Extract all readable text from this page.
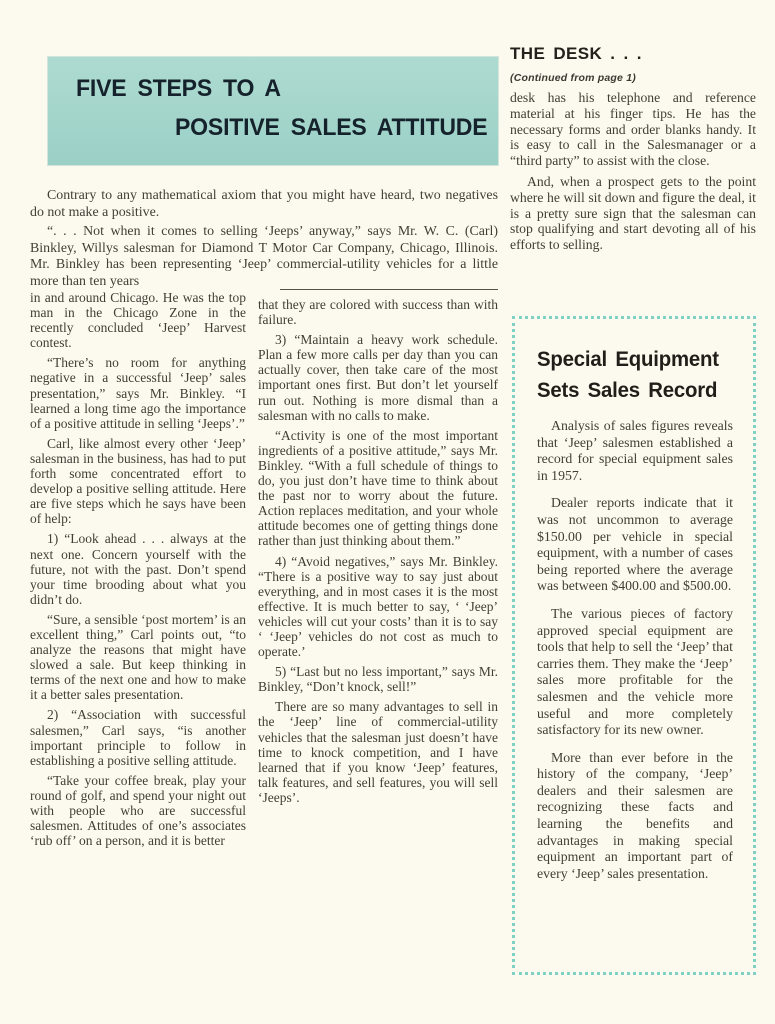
FIVE STEPS TO A
POSITIVE SALES ATTITUDE
THE DESK . . .
(Continued from page 1)

desk has his telephone and reference material at his finger tips. He has the necessary forms and order blanks handy. It is easy to call in the Salesmanager or a “third party” to assist with the close.

And, when a prospect gets to the point where he will sit down and figure the deal, it is a pretty sure sign that the salesman can stop qualifying and start devoting all of his efforts to selling.

Contrary to any mathematical axiom that you might have heard, two negatives do not make a positive.

“. . . Not when it comes to selling ‘Jeeps’ anyway,” says Mr. W. C. (Carl) Binkley, Willys salesman for Diamond T Motor Car Company, Chicago, Illinois. Mr. Binkley has been representing ‘Jeep’ commercial-utility vehicles for a little more than ten years

in and around Chicago. He was the top man in the Chicago Zone in the recently concluded ‘Jeep’ Harvest contest.

“There’s no room for anything negative in a successful ‘Jeep’ sales presentation,” says Mr. Binkley. “I learned a long time ago the importance of a positive attitude in selling ‘Jeeps’.”

Carl, like almost every other ‘Jeep’ salesman in the business, has had to put forth some concentrated effort to develop a positive selling attitude. Here are five steps which he says have been of help:

1) “Look ahead . . . always at the next one. Concern yourself with the future, not with the past. Don’t spend your time brooding about what you didn’t do.

“Sure, a sensible ‘post mortem’ is an excellent thing,” Carl points out, “to analyze the reasons that might have slowed a sale. But keep thinking in terms of the next one and how to make it a better sales presentation.

2) “Association with successful salesmen,” Carl says, “is another important principle to follow in establishing a positive selling attitude.

“Take your coffee break, play your round of golf, and spend your night out with people who are successful salesmen. Attitudes of one’s associates ‘rub off’ on a person, and it is better

that they are colored with success than with failure.

3) “Maintain a heavy work schedule. Plan a few more calls per day than you can actually cover, then take care of the most important ones first. But don’t let yourself run out. Nothing is more dismal than a salesman with no calls to make.

“Activity is one of the most important ingredients of a positive attitude,” says Mr. Binkley. “With a full schedule of things to do, you just don’t have time to think about the past nor to worry about the future. Action replaces meditation, and your whole attitude becomes one of getting things done rather than just thinking about them.”

4) “Avoid negatives,” says Mr. Binkley. “There is a positive way to say just about everything, and in most cases it is the most effective. It is much better to say, ‘ ‘Jeep’ vehicles will cut your costs’ than it is to say ‘ ‘Jeep’ vehicles do not cost as much to operate.’

5) “Last but no less important,” says Mr. Binkley, “Don’t knock, sell!”

There are so many advantages to sell in the ‘Jeep’ line of commercial-utility vehicles that the salesman just doesn’t have time to knock competition, and I have learned that if you know ‘Jeep’ features, talk features, and sell features, you will sell ‘Jeeps’.

Special Equipment
Sets Sales Record

Analysis of sales figures reveals that ‘Jeep’ salesmen established a record for special equipment sales in 1957.

Dealer reports indicate that it was not uncommon to average $150.00 per vehicle in special equipment, with a number of cases being reported where the average was between $400.00 and $500.00.

The various pieces of factory approved special equipment are tools that help to sell the ‘Jeep’ that carries them. They make the ‘Jeep’ sales more profitable for the salesmen and the vehicle more useful and more completely satisfactory for its new owner.

More than ever before in the history of the company, ‘Jeep’ dealers and their salesmen are recognizing these facts and learning the benefits and advantages in making special equipment an important part of every ‘Jeep’ sales presentation.
